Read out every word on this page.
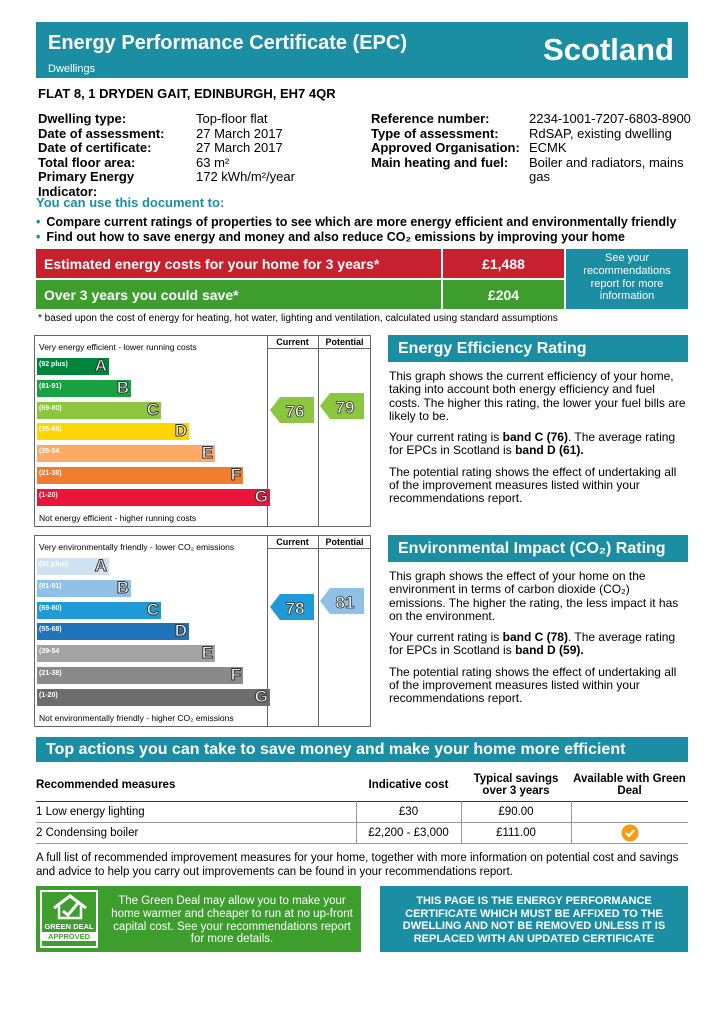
Energy Performance Certificate (EPC)
Dwellings
Scotland
FLAT 8, 1 DRYDEN GAIT, EDINBURGH, EH7 4QR
Dwelling type:	Top-floor flat
Date of assessment:	27 March 2017
Date of certificate:	27 March 2017
Total floor area:	63 m²
Primary Energy Indicator:
172 kWh/m²/year
Reference number:	2234-1001-7207-6803-8900
Type of assessment:	RdSAP, existing dwelling
Approved Organisation: ECMK
Main heating and fuel:	Boiler and radiators, mains gas
You can use this document to:
• Compare current ratings of properties to see which are more energy efficient and environmentally friendly
• Find out how to save energy and money and also reduce CO₂ emissions by improving your home
Estimated energy costs for your home for 3 years*	£1,488
Over 3 years you could save*	£204
See your recommendations report for more information
* based upon the cost of energy for heating, hot water, lighting and ventilation, calculated using standard assumptions
Current	Potential
Very energy efficient - lower running costs
Not energy efficient - higher running costs
(92 plus) A
(81-91)	B
(69-80)	C
(55-68)	D
(39-54	E
(21-38)	F
(1-20)	G
76 79
Energy Efficiency Rating
This graph shows the current efficiency of your home, taking into account both energy efficiency and fuel costs. The higher this rating, the lower your fuel bills are likely to be.
Your current rating is band C (76). The average rating for EPCs in Scotland is band D (61).
The potential rating shows the effect of undertaking all of the improvement measures listed within your recommendations report.
Current	Potential
Very environmentally friendly - lower CO₂ emissions
Not environmentally friendly - higher CO₂ emissions
(92 plus) A
(81-91)	B
(69-80)	C
(55-68)	D
(39-54	E
(21-38)	F
(1-20)	G
78 81
Environmental Impact (CO₂) Rating
This graph shows the effect of your home on the environment in terms of carbon dioxide (CO₂) emissions. The higher the rating, the less impact it has on the environment.
Your current rating is band C (78). The average rating for EPCs in Scotland is band D (59).
The potential rating shows the effect of undertaking all of the improvement measures listed within your recommendations report.
Top actions you can take to save money and make your home more efficient
Recommended measures	Indicative cost	Typical savings over 3 years	Available with Green Deal
1 Low energy lighting	£30	£90.00	
2 Condensing boiler	£2,200 - £3,000	£111.00	
A full list of recommended improvement measures for your home, together with more information on potential cost and savings and advice to help you carry out improvements can be found in your recommendations report.
GREEN DEAL
APPROVED
The Green Deal may allow you to make your home warmer and cheaper to run at no up-front capital cost. See your recommendations report for more details.
THIS PAGE IS THE ENERGY PERFORMANCE CERTIFICATE WHICH MUST BE AFFIXED TO THE DWELLING AND NOT BE REMOVED UNLESS IT IS REPLACED WITH AN UPDATED CERTIFICATE
